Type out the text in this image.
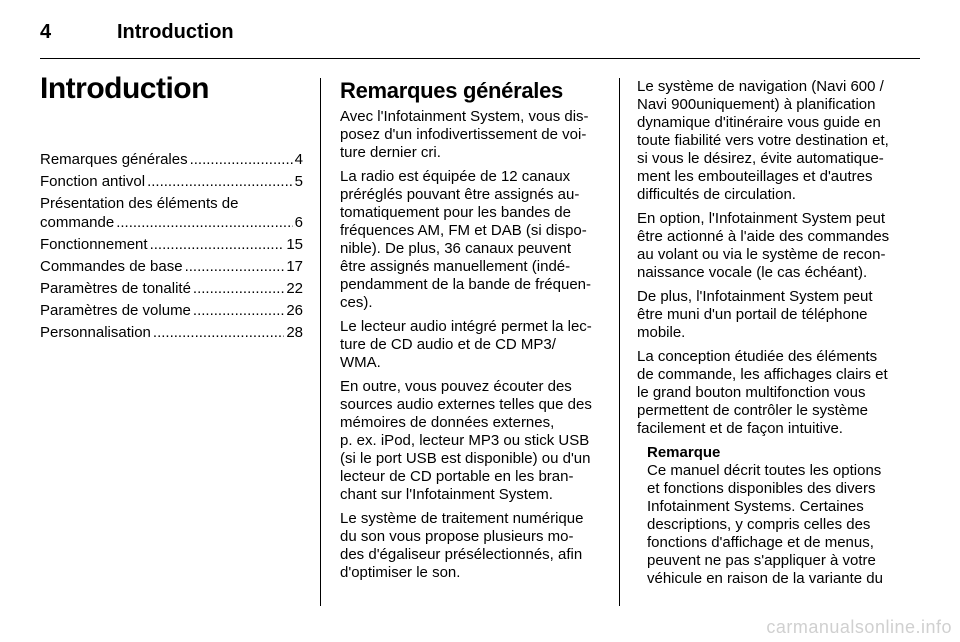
4	Introduction
Introduction
Remarques générales .....	4
Fonction antivol .....	5
Présentation des éléments de
commande .....	6
Fonctionnement .....	15
Commandes de base .....	17
Paramètres de tonalité .....	22
Paramètres de volume .....	26
Personnalisation .....	28
Remarques générales

Avec l'Infotainment System, vous dis-
posez d'un infodivertissement de voi-
ture dernier cri.

La radio est équipée de 12 canaux
préréglés pouvant être assignés au-
tomatiquement pour les bandes de
fréquences AM, FM et DAB (si dispo-
nible). De plus, 36 canaux peuvent
être assignés manuellement (indé-
pendamment de la bande de fréquen-
ces).

Le lecteur audio intégré permet la lec-
ture de CD audio et de CD MP3/
WMA.

En outre, vous pouvez écouter des
sources audio externes telles que des
mémoires de données externes,
p. ex. iPod, lecteur MP3 ou stick USB
(si le port USB est disponible) ou d'un
lecteur de CD portable en les bran-
chant sur l'Infotainment System.

Le système de traitement numérique
du son vous propose plusieurs mo-
des d'égaliseur présélectionnés, afin
d'optimiser le son.

Le système de navigation (Navi 600 /
Navi 900uniquement) à planification
dynamique d'itinéraire vous guide en
toute fiabilité vers votre destination et,
si vous le désirez, évite automatique-
ment les embouteillages et d'autres
difficultés de circulation.

En option, l'Infotainment System peut
être actionné à l'aide des commandes
au volant ou via le système de recon-
naissance vocale (le cas échéant).

De plus, l'Infotainment System peut
être muni d'un portail de téléphone
mobile.

La conception étudiée des éléments
de commande, les affichages clairs et
le grand bouton multifonction vous
permettent de contrôler le système
facilement et de façon intuitive.

Remarque

Ce manuel décrit toutes les options
et fonctions disponibles des divers
Infotainment Systems. Certaines
descriptions, y compris celles des
fonctions d'affichage et de menus,
peuvent ne pas s'appliquer à votre
véhicule en raison de la variante du

carmanualsonline.info
